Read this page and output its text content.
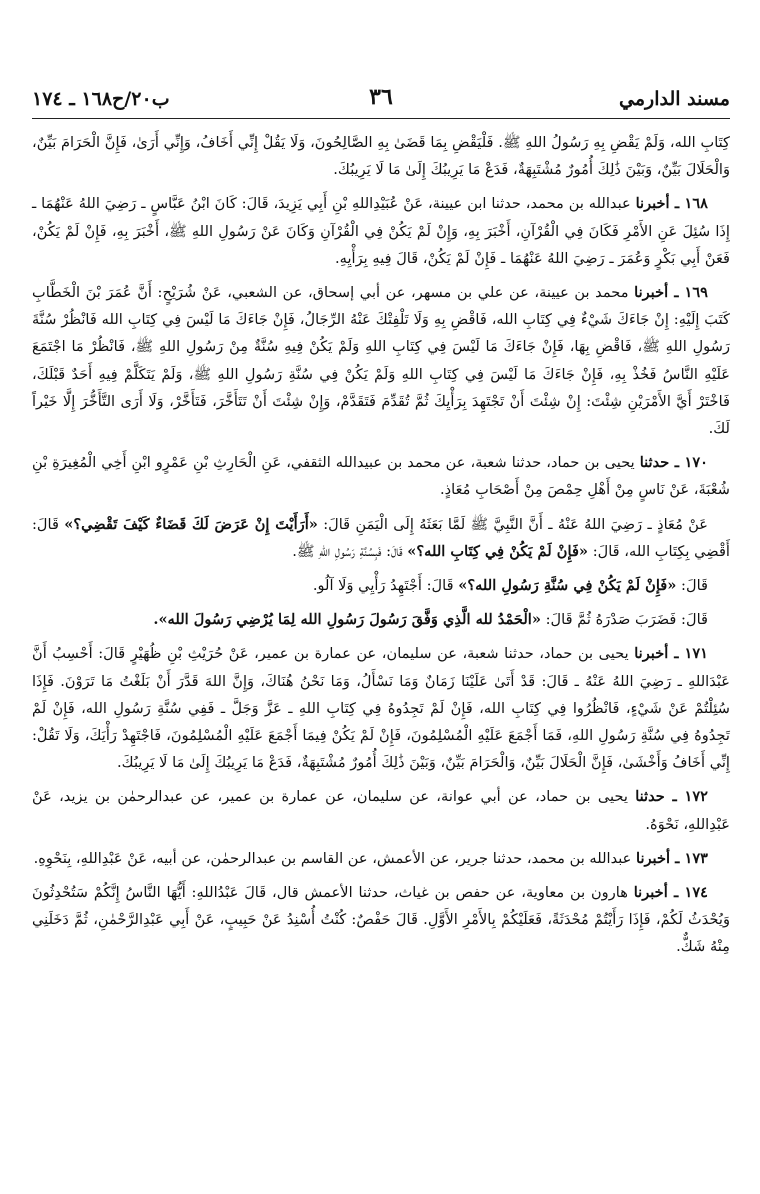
مسند الدارمي
٣٦
ب٢٠/ح١٦٨ ـ ١٧٤

كِتَابِ الله، وَلَمْ يَقْضِ بِهِ رَسُولُ اللهِ ﷺ. فَلْيَقْضِ بِمَا قَضَىٰ بِهِ الصَّالِحُونَ، وَلَا يَقُلْ إِنِّي أَخَافُ، وَإِنِّي أَرَىٰ، فَإِنَّ الْحَرَامَ بَيِّنٌ، وَالْحَلَالَ بَيِّنٌ، وَبَيْنَ ذَٰلِكَ أُمُورٌ مُشْتَبِهَةٌ، فَدَعْ مَا يَرِيبُكَ إِلَىٰ مَا لَا يَرِيبُكَ.

١٦٨ ـ أخبرنا عبدالله بن محمد، حدثنا ابن عيينة، عَنْ عُبَيْدِاللهِ بْنِ أَبِي يَزِيدَ، قَالَ: كَانَ ابْنُ عَبَّاسٍ ـ رَضِيَ اللهُ عَنْهُمَا ـ إِذَا سُئِلَ عَنِ الأَمْرِ فَكَانَ فِي الْقُرْآنِ، أَخْبَرَ بِهِ، وَإِنْ لَمْ يَكُنْ فِي الْقُرْآنِ وَكَانَ عَنْ رَسُولِ اللهِ ﷺ، أَخْبَرَ بِهِ، فَإِنْ لَمْ يَكُنْ، فَعَنْ أَبِي بَكْرٍ وَعُمَرَ ـ رَضِيَ اللهُ عَنْهُمَا ـ فَإِنْ لَمْ يَكُنْ، قَالَ فِيهِ بِرَأْيِهِ.

١٦٩ ـ أخبرنا محمد بن عيينة، عن علي بن مسهر، عن أبي إسحاق، عن الشعبي، عَنْ شُرَيْحٍ: أَنَّ عُمَرَ بْنَ الْخَطَّابِ كَتَبَ إِلَيْهِ: إِنْ جَاءَكَ شَيْءٌ فِي كِتَابِ الله، فَاقْضِ بِهِ وَلَا تَلْفِتْكَ عَنْهُ الرِّجَالُ، فَإِنْ جَاءَكَ مَا لَيْسَ فِي كِتَابِ الله فَانْظُرْ سُنَّةَ رَسُولِ اللهِ ﷺ، فَاقْضِ بِهَا، فَإِنْ جَاءَكَ مَا لَيْسَ فِي كِتَابِ اللهِ وَلَمْ يَكُنْ فِيهِ سُنَّةٌ مِنْ رَسُولِ اللهِ ﷺ، فَانْظُرْ مَا اجْتَمَعَ عَلَيْهِ النَّاسُ فَخُذْ بِهِ، فَإِنْ جَاءَكَ مَا لَيْسَ فِي كِتَابِ اللهِ وَلَمْ يَكُنْ فِي سُنَّةِ رَسُولِ اللهِ ﷺ، وَلَمْ يَتَكَلَّمْ فِيهِ أَحَدٌ قَبْلَكَ، فَاخْتَرْ أَيَّ الأَمْرَيْنِ شِئْتَ: إِنْ شِئْتَ أَنْ تَجْتَهِدَ بِرَأْيِكَ ثُمَّ تُقَدِّمَ فَتَقَدَّمْ، وَإِنْ شِئْتَ أَنْ تَتَأَخَّرَ، فَتَأَخَّرْ، وَلَا أَرَى التَّأَخُّرَ إِلَّا خَيْراً لَكَ.

١٧٠ ـ حدثنا يحيى بن حماد، حدثنا شعبة، عن محمد بن عبيدالله الثقفي، عَنِ الْحَارِثِ بْنِ عَمْرٍو ابْنِ أَخِي الْمُغِيرَةِ بْنِ شُعْبَةَ، عَنْ نَاسٍ مِنْ أَهْلِ حِمْصَ مِنْ أَصْحَابِ مُعَاذٍ.

عَنْ مُعَاذٍ ـ رَضِيَ اللهُ عَنْهُ ـ أَنَّ النَّبِيَّ ﷺ لَمَّا بَعَثَهُ إِلَى الْيَمَنِ قَالَ: «أَرَأَيْتَ إِنْ عَرَضَ لَكَ قَضَاءٌ كَيْفَ تَقْضِي؟» قَالَ: أَقْضِي بِكِتَابِ الله، قَالَ: «فَإِنْ لَمْ يَكُنْ فِي كِتَابِ الله؟» قَالَ: فَبِسُنَّةِ رَسُولِ اللهِ ﷺ.

قَالَ: «فَإِنْ لَمْ يَكُنْ فِي سُنَّةِ رَسُولِ الله؟» قَالَ: أَجْتَهِدُ رَأْيِي وَلَا آلُو.

قَالَ: فَضَرَبَ صَدْرَهُ ثُمَّ قَالَ: «الْحَمْدُ لله الَّذِي وَفَّقَ رَسُولَ رَسُولِ الله لِمَا يُرْضِي رَسُولَ الله».

١٧١ ـ أخبرنا يحيى بن حماد، حدثنا شعبة، عن سليمان، عن عمارة بن عمير، عَنْ حُرَيْثِ بْنِ ظُهَيْرٍ قَالَ: أَحْسِبُ أَنَّ عَبْدَاللهِ ـ رَضِيَ اللهُ عَنْهُ ـ قَالَ: قَدْ أَتَىٰ عَلَيْنَا زَمَانٌ وَمَا نَسْأَلُ، وَمَا نَحْنُ هُنَاكَ، وَإِنَّ اللهَ قَدَّرَ أَنْ بَلَغْتُ مَا تَرَوْنَ. فَإِذَا سُئِلْتُمْ عَنْ شَيْءٍ، فَانْظُرُوا فِي كِتَابِ الله، فَإِنْ لَمْ تَجِدُوهُ فِي كِتَابِ اللهِ ـ عَزَّ وَجَلَّ ـ فَفِي سُنَّةِ رَسُولِ الله، فَإِنْ لَمْ تَجِدُوهُ فِي سُنَّةِ رَسُولِ اللهِ، فَمَا أَجْمَعَ عَلَيْهِ الْمُسْلِمُونَ، فَإِنْ لَمْ يَكُنْ فِيمَا أَجْمَعَ عَلَيْهِ الْمُسْلِمُونَ، فَاجْتَهِدْ رَأْيَكَ، وَلَا تَقُلْ: إِنِّي أَخَافُ وَأَخْشَىٰ، فَإِنَّ الْحَلَالَ بَيِّنٌ، وَالْحَرَامَ بَيِّنٌ، وَبَيْنَ ذَٰلِكَ أُمُورٌ مُشْتَبِهَةٌ، فَدَعْ مَا يَرِيبُكَ إِلَىٰ مَا لَا يَرِيبُكَ.

١٧٢ ـ حدثنا يحيى بن حماد، عن أبي عوانة، عن سليمان، عن عمارة بن عمير، عن عبدالرحمٰن بن يزيد، عَنْ عَبْدِاللهِ، نَحْوَهُ.

١٧٣ ـ أخبرنا عبدالله بن محمد، حدثنا جرير، عن الأعمش، عن القاسم بن عبدالرحمٰن، عن أبيه، عَنْ عَبْدِاللهِ، بِنَحْوِهِ.

١٧٤ ـ أخبرنا هارون بن معاوية، عن حفص بن غياث، حدثنا الأعمش قال، قَالَ عَبْدُاللهِ: أَيُّهَا النَّاسُ إِنَّكُمْ سَتُحْدِثُونَ وَيُحْدَثُ لَكُمْ، فَإِذَا رَأَيْتُمْ مُحْدَثَةً، فَعَلَيْكُمْ بِالأَمْرِ الأَوَّلِ. قَالَ حَفْصٌ: كُنْتُ أُسْنِدُ عَنْ حَبِيبٍ، عَنْ أَبِي عَبْدِالرَّحْمٰنِ، ثُمَّ دَخَلَنِي مِنْهُ شَكٌّ.
